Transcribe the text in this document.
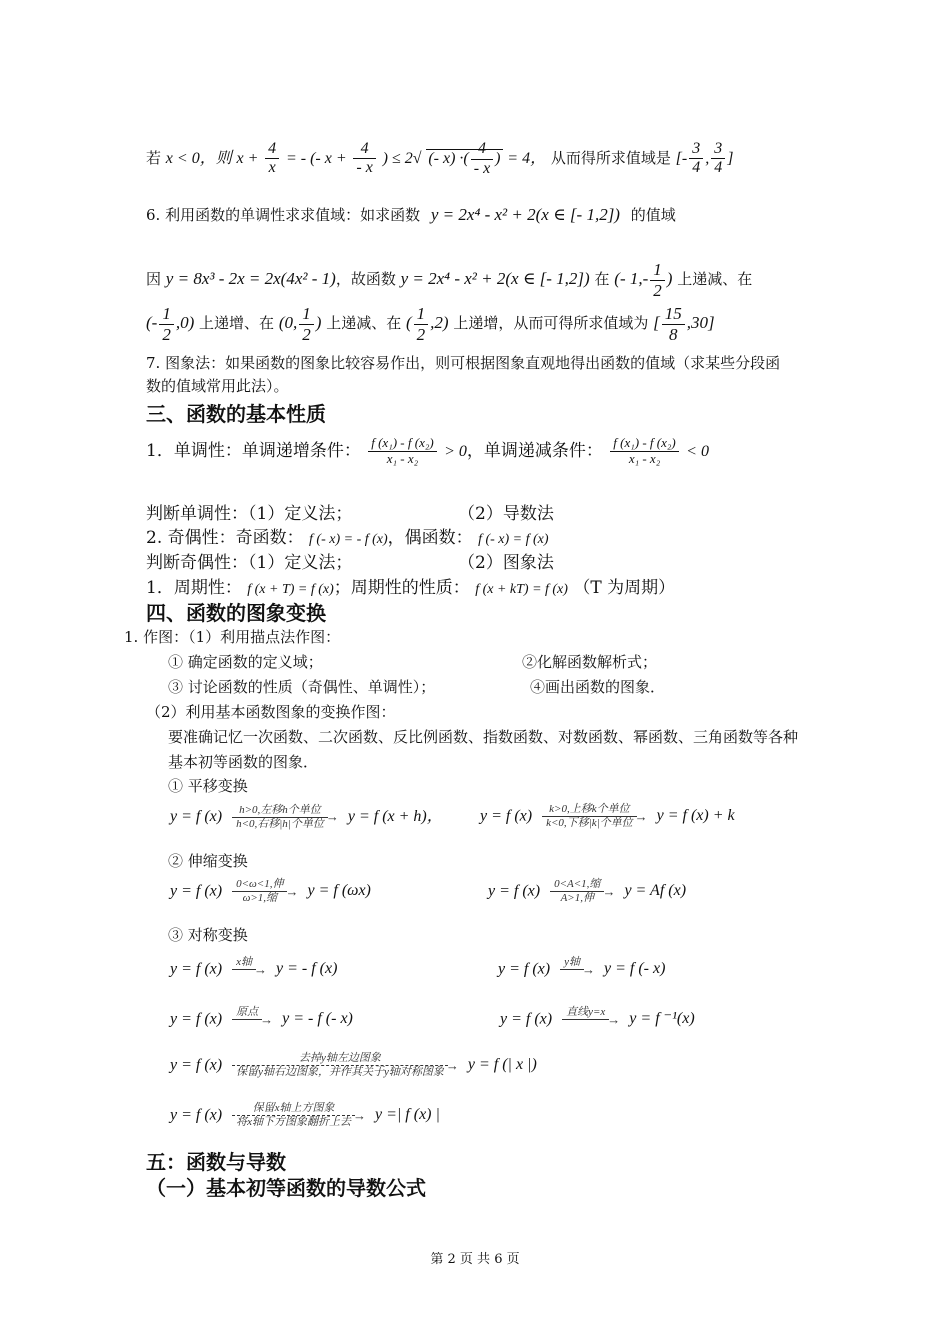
若 x < 0，则 $x + \frac{4}{x}$ = - (- $x + \frac{4}{- x}$ ) ≤ 2√ (- x) ·( $\frac{4}{- x}$ ) = 4， 从而得所求值域是 [- $\frac{3}{4}$ , $\frac{3}{4}$ ]
6. 利用函数的单调性求求值域：如求函数 y = 2x⁴ - x² + 2(x ∈ [- 1,2]) 的值域
因 y = 8x³ - 2x = 2x(4x² - 1)，故函数 y = 2x⁴ - x² + 2(x ∈ [- 1,2]) 在 (- $1,- \frac{1}{2}$ ) 上递减、在
(- $\frac{1}{2} ,0$) 上递增、在 (0, $\frac{1}{2}$ ) 上递减、在 ( $\frac{1}{2} ,2$) 上递增，从而可得所求值域为 [ $\frac{15}{8} ,30$]
7. 图象法：如果函数的图象比较容易作出，则可根据图象直观地得出函数的值域（求某些分段函
数的值域常用此法）。
三、函数的基本性质
1．单调性：单调递增条件： $\frac{\text{f (x₁) - f (x₂)}}{\text{x₁ - x₂}} > 0$，单调递减条件： $\frac{\text{f (x₁) - f (x₂)}}{\text{x₁ - x₂}} < 0$
判断单调性：（1）定义法；	（2）导数法
2. 奇偶性：奇函数： f (- x) = - f (x)，偶函数： f (- x) = f (x)
判断奇偶性：（1）定义法；	（2）图象法
1．周期性： f (x + T) = f (x)；周期性的性质： f (x + kT) = f (x) （T 为周期）
四、函数的图象变换
1. 作图：（1）利用描点法作图：
① 确定函数的定义域；	②化解函数解析式；
③ 讨论函数的性质（奇偶性、单调性）；	④画出函数的图象．
（2）利用基本函数图象的变换作图：
要准确记忆一次函数、二次函数、反比例函数、指数函数、对数函数、幂函数、三角函数等各种
基本初等函数的图象．
① 平移变换
y = f (x)	h>0,左移h个单位 →
h<0,右移|h|个单位 y = f (x + h)， y = f (x)	k>0,上移k个单位 →
k<0,下移|k|个单位 y = f (x) + k
② 伸缩变换
y = f (x)	0<ω<1,伸 →
ω>1,缩	y = f (ωx)	y = f (x)	0<A<1,缩 →
A>1,伸	y = Af (x)
③ 对称变换
y = f (x)	x轴 →
y = - f (x)	y = f (x)	y轴 →
y = f (- x)
y = f (x)	原点 →
y = - f (- x)	y = f (x)	直线y=x →
y = f ⁻¹(x)
y = f (x)	去掉y轴左边图象 →
保留y轴右边图象，并作其关于y轴对称图象 y = f (| x |)
y = f (x)	保留x轴上方图象 →
将x轴下方图象翻折上去 y =| f (x) |
五：函数与导数
（一）基本初等函数的导数公式
第 2 页 共 6 页
